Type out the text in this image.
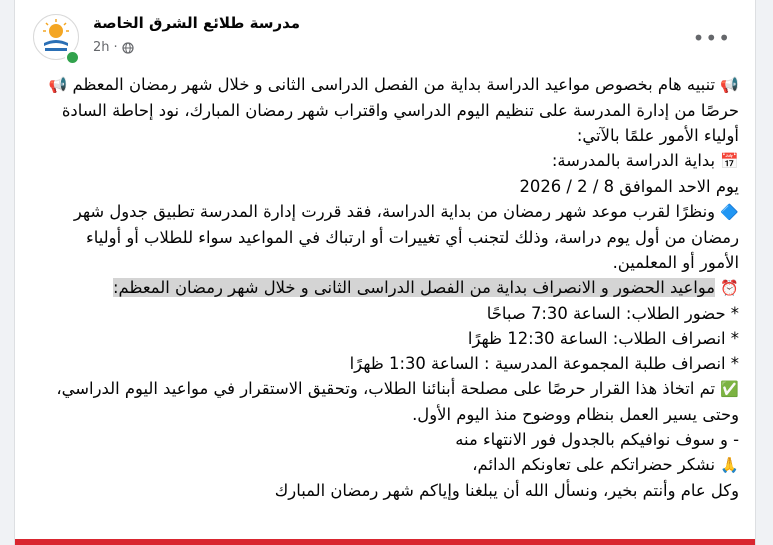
مدرسة طلائع الشرق الخاصة
2h ·	•••

📢 تنبيه هام بخصوص مواعيد الدراسة بداية من الفصل الدراسى الثانى و خلال شهر رمضان المعظم 📢

حرصًا من إدارة المدرسة على تنظيم اليوم الدراسي واقتراب شهر رمضان المبارك، نود إحاطة السادة أولياء الأمور علمًا بالآتي:

📅 بداية الدراسة بالمدرسة:

يوم الاحد الموافق 8 / 2 / 2026

🔷 ونظرًا لقرب موعد شهر رمضان من بداية الدراسة، فقد قررت إدارة المدرسة تطبيق جدول شهر رمضان من أول يوم دراسة، وذلك لتجنب أي تغييرات أو ارتباك في المواعيد سواء للطلاب أو أولياء الأمور أو المعلمين.

⏰ مواعيد الحضور و الانصراف بداية من الفصل الدراسى الثانى و خلال شهر رمضان المعظم:

* حضور الطلاب: الساعة 7:30 صباحًا

* انصراف الطلاب: الساعة 12:30 ظهرًا

* انصراف طلبة المجموعة المدرسية : الساعة 1:30 ظهرًا

✅ تم اتخاذ هذا القرار حرصًا على مصلحة أبنائنا الطلاب، وتحقيق الاستقرار في مواعيد اليوم الدراسي، وحتى يسير العمل بنظام ووضوح منذ اليوم الأول.

- و سوف نوافيكم بالجدول فور الانتهاء منه

🙏 نشكر حضراتكم على تعاونكم الدائم،

وكل عام وأنتم بخير، ونسأل الله أن يبلغنا وإياكم شهر رمضان المبارك
